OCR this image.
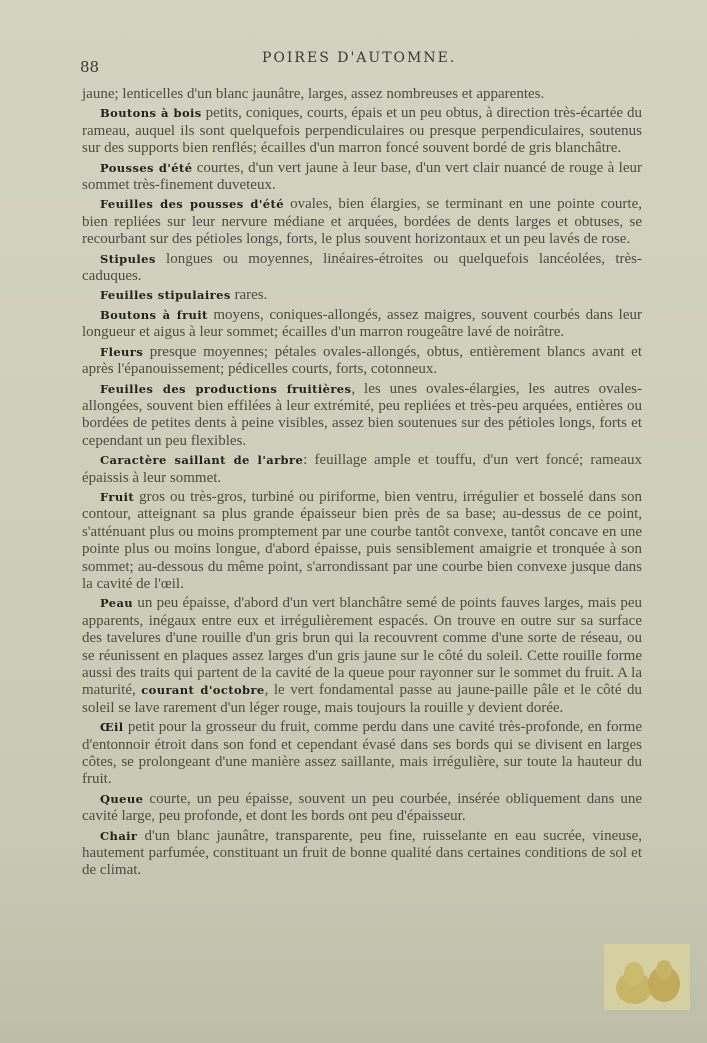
88	POIRES D'AUTOMNE.

jaune; lenticelles d'un blanc jaunâtre, larges, assez nombreuses et apparentes.

Boutons à bois petits, coniques, courts, épais et un peu obtus, à direction très-écartée du rameau, auquel ils sont quelquefois perpendiculaires ou presque perpendiculaires, soutenus sur des supports bien renflés; écailles d'un marron foncé souvent bordé de gris blanchâtre.

Pousses d'été courtes, d'un vert jaune à leur base, d'un vert clair nuancé de rouge à leur sommet très-finement duveteux.

Feuilles des pousses d'été ovales, bien élargies, se terminant en une pointe courte, bien repliées sur leur nervure médiane et arquées, bordées de dents larges et obtuses, se recourbant sur des pétioles longs, forts, le plus souvent horizontaux et un peu lavés de rose.

Stipules longues ou moyennes, linéaires-étroites ou quelquefois lancéolées, très-caduques.

Feuilles stipulaires rares.

Boutons à fruit moyens, coniques-allongés, assez maigres, souvent courbés dans leur longueur et aigus à leur sommet; écailles d'un marron rougeâtre lavé de noirâtre.

Fleurs presque moyennes; pétales ovales-allongés, obtus, entièrement blancs avant et après l'épanouissement; pédicelles courts, forts, cotonneux.

Feuilles des productions fruitières, les unes ovales-élargies, les autres ovales-allongées, souvent bien effilées à leur extrémité, peu repliées et très-peu arquées, entières ou bordées de petites dents à peine visibles, assez bien soutenues sur des pétioles longs, forts et cependant un peu flexibles.

Caractère saillant de l'arbre: feuillage ample et touffu, d'un vert foncé; rameaux épaissis à leur sommet.

Fruit gros ou très-gros, turbiné ou piriforme, bien ventru, irrégulier et bosselé dans son contour, atteignant sa plus grande épaisseur bien près de sa base; au-dessus de ce point, s'atténuant plus ou moins promptement par une courbe tantôt convexe, tantôt concave en une pointe plus ou moins longue, d'abord épaisse, puis sensiblement amaigrie et tronquée à son sommet; au-dessous du même point, s'arrondissant par une courbe bien convexe jusque dans la cavité de l'œil.

Peau un peu épaisse, d'abord d'un vert blanchâtre semé de points fauves larges, mais peu apparents, inégaux entre eux et irrégulièrement espacés. On trouve en outre sur sa surface des tavelures d'une rouille d'un gris brun qui la recouvrent comme d'une sorte de réseau, ou se réunissent en plaques assez larges d'un gris jaune sur le côté du soleil. Cette rouille forme aussi des traits qui partent de la cavité de la queue pour rayonner sur le sommet du fruit. A la maturité, courant d'octobre, le vert fondamental passe au jaune-paille pâle et le côté du soleil se lave rarement d'un léger rouge, mais toujours la rouille y devient dorée.

Œil petit pour la grosseur du fruit, comme perdu dans une cavité très-profonde, en forme d'entonnoir étroit dans son fond et cependant évasé dans ses bords qui se divisent en larges côtes, se prolongeant d'une manière assez saillante, mais irrégulière, sur toute la hauteur du fruit.

Queue courte, un peu épaisse, souvent un peu courbée, insérée obliquement dans une cavité large, peu profonde, et dont les bords ont peu d'épaisseur.

Chair d'un blanc jaunâtre, transparente, peu fine, ruisselante en eau sucrée, vineuse, hautement parfumée, constituant un fruit de bonne qualité dans certaines conditions de sol et de climat.
